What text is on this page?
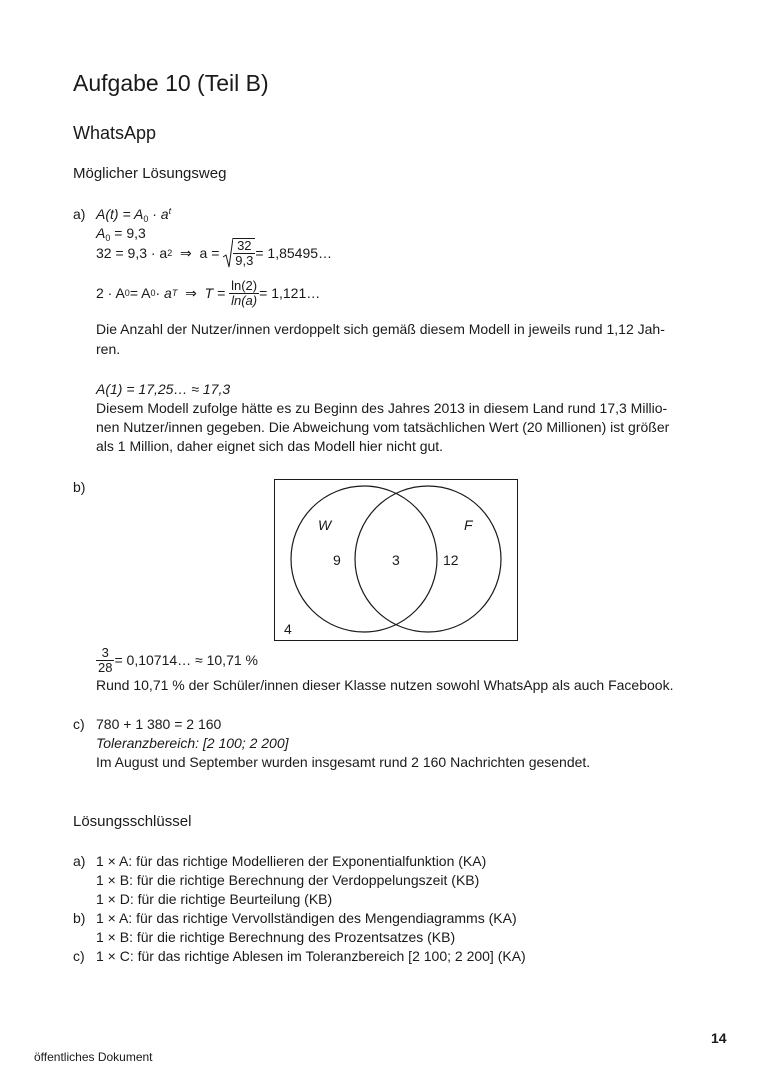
Aufgabe 10 (Teil B)
WhatsApp
Möglicher Lösungsweg
a) $A(t) = A_0 \cdot a^t$
$A_0 = 9,3$
32 = 9,3 · a 2 ⇒  $a = \frac{32}{9,3}$ = 1,85495…
2 · A 0 = A 0 · a T ⇒  $T = \frac{\ln(2)}{\ln(a)}$ = 1,121…
Die Anzahl der Nutzer/innen verdoppelt sich gemäß diesem Modell in jeweils rund 1,12 Jah-
ren.
A(1) = 17,25… ≈ 17,3
Diesem Modell zufolge hätte es zu Beginn des Jahres 2013 in diesem Land rund 17,3 Millio-
nen Nutzer/innen gegeben. Die Abweichung vom tatsächlichen Wert (20 Millionen) ist größer
als 1 Million, daher eignet sich das Modell hier nicht gut.
b)
W	F
9	3	12
4
$\frac{3}{28}$ = 0,10714… ≈ 10,71 %
Rund 10,71 % der Schüler/innen dieser Klasse nutzen sowohl WhatsApp als auch Facebook.
c) 780 + 1 380 = 2 160
Toleranzbereich: [2 100; 2 200]
Im August und September wurden insgesamt rund 2 160 Nachrichten gesendet.
Lösungsschlüssel
a) 1 × A: für das richtige Modellieren der Exponentialfunktion (KA)
1 × B: für die richtige Berechnung der Verdoppelungszeit (KB)
1 × D: für die richtige Beurteilung (KB)
b) 1 × A: für das richtige Vervollständigen des Mengendiagramms (KA)
1 × B: für die richtige Berechnung des Prozentsatzes (KB)
c) 1 × C: für das richtige Ablesen im Toleranzbereich [2 100; 2 200] (KA)
14
öffentliches Dokument
